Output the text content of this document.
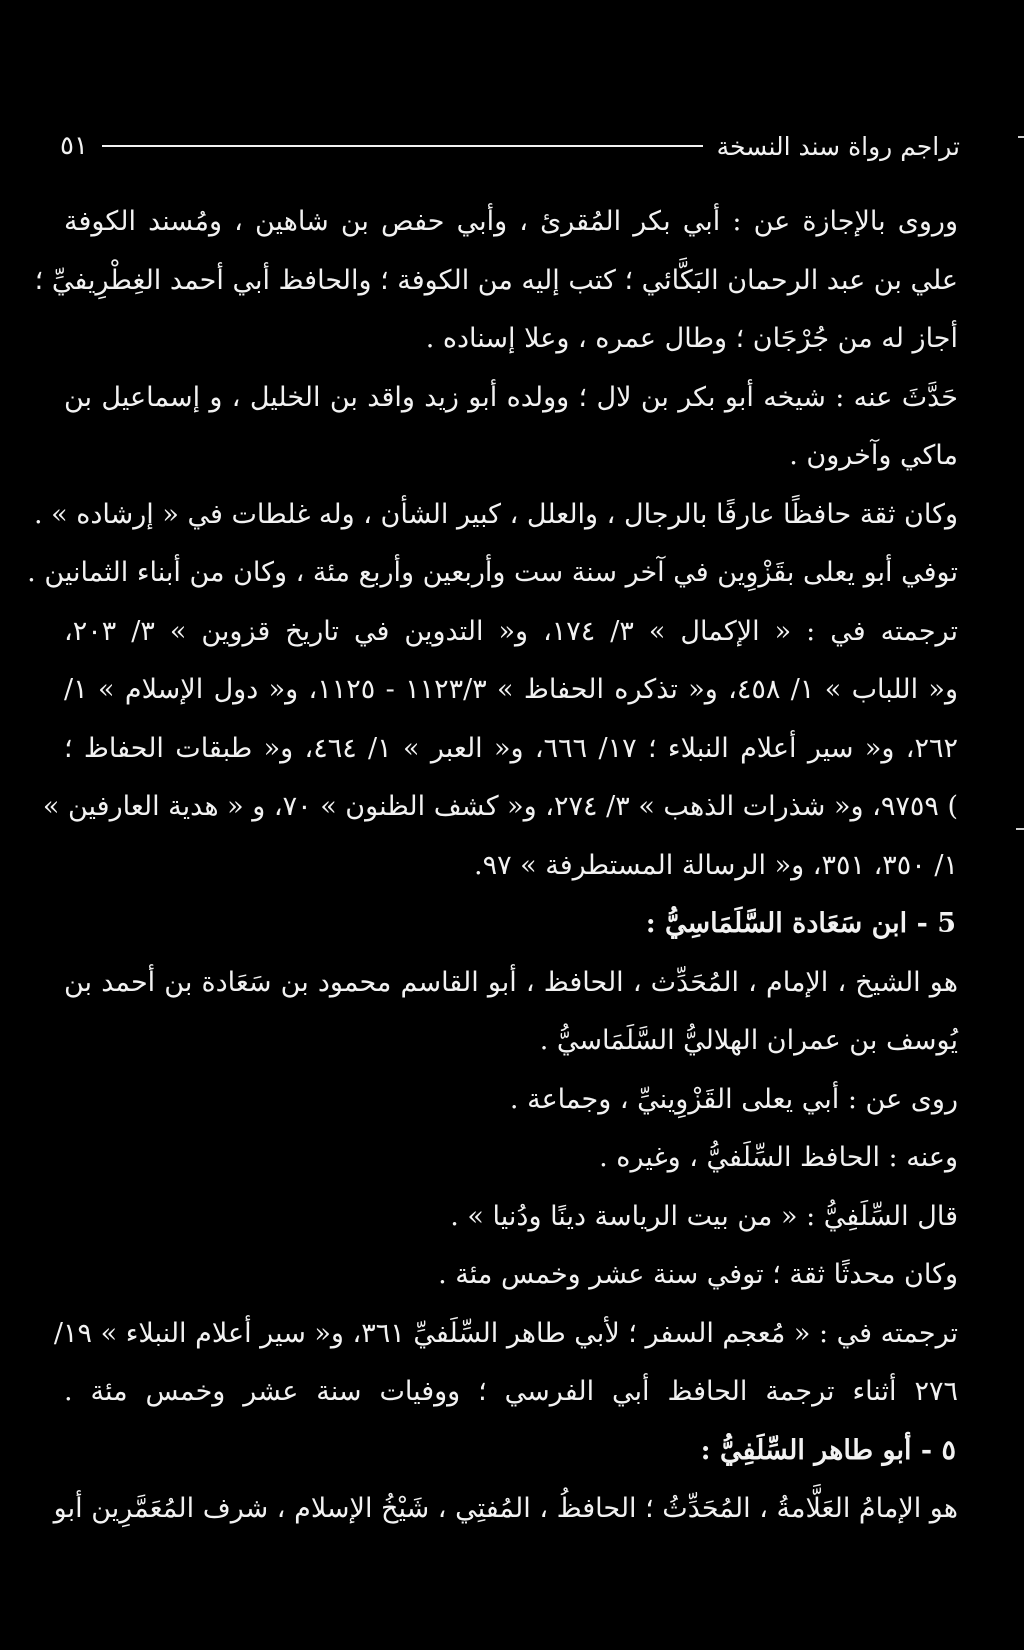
تراجم رواة سند النسخة
٥١
وروى بالإجازة عن : أبي بكر المُقرئ ، وأبي حفص بن شاهين ، ومُسند الكوفة
علي بن عبد الرحمان البَكَّائي ؛ كتب إليه من الكوفة ؛ والحافظ أبي أحمد الغِطْرِيفيِّ ؛
أجاز له من جُرْجَان ؛ وطال عمره ، وعلا إسناده .
حَدَّثَ عنه : شيخه أبو بكر بن لال ؛ وولده أبو زيد واقد بن الخليل ، و إسماعيل بن
ماكي وآخرون .
وكان ثقة حافظًا عارفًا بالرجال ، والعلل ، كبير الشأن ، وله غلطات في « إرشاده » .
توفي أبو يعلى بقَزْوِين في آخر سنة ست وأربعين وأربع مئة ، وكان من أبناء الثمانين .
ترجمته في : « الإكمال » ٣/ ١٧٤، و« التدوين في تاريخ قزوين » ٣/ ٢٠٣،
و« اللباب » ١/ ٤٥٨، و« تذكره الحفاظ » ١١٢٣/٣ - ١١٢٥، و« دول الإسلام » ١/
٢٦٢، و« سير أعلام النبلاء ؛ ١٧/ ٦٦٦، و« العبر » ١/ ٤٦٤، و« طبقات الحفاظ ؛
) ٩٧٥٩، و« شذرات الذهب » ٣/ ٢٧٤، و« كشف الظنون » ٧٠، و « هدية العارفين »
١/ ٣٥٠، ٣٥١، و« الرسالة المستطرفة » ٩٧.
5 - ابن سَعَادة السَّلَمَاسِيُّ :
هو الشيخ ، الإمام ، المُحَدِّث ، الحافظ ، أبو القاسم محمود بن سَعَادة بن أحمد بن
يُوسف بن عمران الهلاليُّ السَّلَمَاسيُّ .
روى عن : أبي يعلى القَزْوِينيِّ ، وجماعة .
وعنه : الحافظ السِّلَفيُّ ، وغيره .
قال السِّلَفِيُّ : « من بيت الرياسة دينًا ودُنيا » .
وكان محدثًا ثقة ؛ توفي سنة عشر وخمس مئة .
ترجمته في : « مُعجم السفر ؛ لأبي طاهر السِّلَفيِّ ٣٦١، و« سير أعلام النبلاء » ١٩/
٢٧٦ أثناء ترجمة الحافظ أبي الفرسي ؛ ووفيات سنة عشر وخمس مئة .
٥ - أبو طاهر السِّلَفِيُّ :
هو الإمامُ العَلَّامةُ ، المُحَدِّثُ ؛ الحافظُ ، المُفتِي ، شَيْخُ الإسلام ، شرف المُعَمَّرِين أبو
